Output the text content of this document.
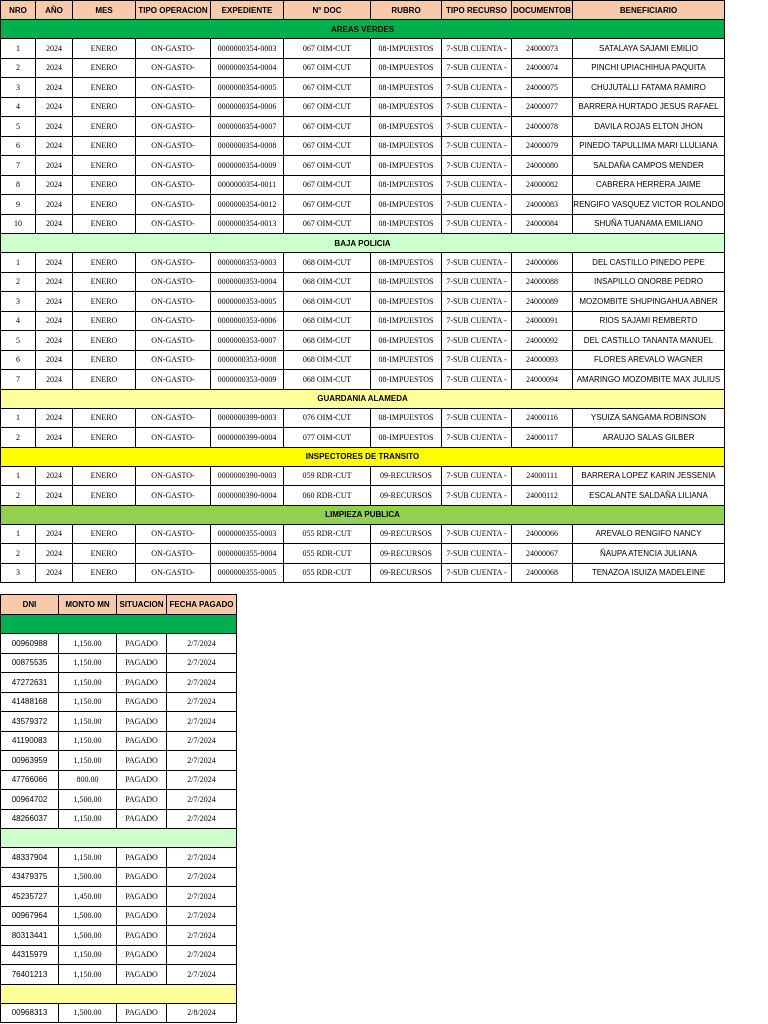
NRO	AÑO	MES	TIPO OPERACION	EXPEDIENTE	N° DOC	RUBRO	TIPO RECURSO	DOCUMENTOB	BENEFICIARIO
AREAS VERDES									
1	2024	ENERO	ON-GASTO-	0000000354-0003	067 OIM-CUT	08-IMPUESTOS	7-SUB CUENTA -	24000073	SATALAYA SAJAMI EMILIO
2	2024	ENERO	ON-GASTO-	0000000354-0004	067 OIM-CUT	08-IMPUESTOS	7-SUB CUENTA -	24000074	PINCHI UPIACHIHUA PAQUITA
3	2024	ENERO	ON-GASTO-	0000000354-0005	067 OIM-CUT	08-IMPUESTOS	7-SUB CUENTA -	24000075	CHUJUTALLI FATAMA RAMIRO
4	2024	ENERO	ON-GASTO-	0000000354-0006	067 OIM-CUT	08-IMPUESTOS	7-SUB CUENTA -	24000077	BARRERA HURTADO JESUS RAFAEL
5	2024	ENERO	ON-GASTO-	0000000354-0007	067 OIM-CUT	08-IMPUESTOS	7-SUB CUENTA -	24000078	DAVILA ROJAS ELTON JHON
6	2024	ENERO	ON-GASTO-	0000000354-0008	067 OIM-CUT	08-IMPUESTOS	7-SUB CUENTA -	24000079	PINEDO TAPULLIMA MARI LLULIANA
7	2024	ENERO	ON-GASTO-	0000000354-0009	067 OIM-CUT	08-IMPUESTOS	7-SUB CUENTA -	24000080	SALDAÑA CAMPOS MENDER
8	2024	ENERO	ON-GASTO-	0000000354-0011	067 OIM-CUT	08-IMPUESTOS	7-SUB CUENTA -	24000082	CABRERA HERRERA JAIME
9	2024	ENERO	ON-GASTO-	0000000354-0012	067 OIM-CUT	08-IMPUESTOS	7-SUB CUENTA -	24000083	RENGIFO VASQUEZ VICTOR ROLANDO
10	2024	ENERO	ON-GASTO-	0000000354-0013	067 OIM-CUT	08-IMPUESTOS	7-SUB CUENTA -	24000084	SHUÑA TUANAMA EMILIANO
BAJA POLICIA									
1	2024	ENERO	ON-GASTO-	0000000353-0003	068 OIM-CUT	08-IMPUESTOS	7-SUB CUENTA -	24000086	DEL CASTILLO PINEDO PEPE
2	2024	ENERO	ON-GASTO-	0000000353-0004	068 OIM-CUT	08-IMPUESTOS	7-SUB CUENTA -	24000088	INSAPILLO ONORBE PEDRO
3	2024	ENERO	ON-GASTO-	0000000353-0005	068 OIM-CUT	08-IMPUESTOS	7-SUB CUENTA -	24000089	MOZOMBITE SHUPINGAHUA ABNER
4	2024	ENERO	ON-GASTO-	0000000353-0006	068 OIM-CUT	08-IMPUESTOS	7-SUB CUENTA -	24000091	RIOS SAJAMI REMBERTO
5	2024	ENERO	ON-GASTO-	0000000353-0007	068 OIM-CUT	08-IMPUESTOS	7-SUB CUENTA -	24000092	DEL CASTILLO TANANTA MANUEL
6	2024	ENERO	ON-GASTO-	0000000353-0008	068 OIM-CUT	08-IMPUESTOS	7-SUB CUENTA -	24000093	FLORES AREVALO WAGNER
7	2024	ENERO	ON-GASTO-	0000000353-0009	068 OIM-CUT	08-IMPUESTOS	7-SUB CUENTA -	24000094	AMARINGO MOZOMBITE MAX JULIUS
GUARDANIA ALAMEDA									
1	2024	ENERO	ON-GASTO-	0000000399-0003	076 OIM-CUT	08-IMPUESTOS	7-SUB CUENTA -	24000116	YSUIZA SANGAMA ROBINSON
2	2024	ENERO	ON-GASTO-	0000000399-0004	077 OIM-CUT	08-IMPUESTOS	7-SUB CUENTA -	24000117	ARAUJO SALAS GILBER
INSPECTORES DE TRANSITO									
1	2024	ENERO	ON-GASTO-	0000000390-0003	059 RDR-CUT	09-RECURSOS	7-SUB CUENTA -	24000111	BARRERA LOPEZ KARIN JESSENIA
2	2024	ENERO	ON-GASTO-	0000000390-0004	060 RDR-CUT	09-RECURSOS	7-SUB CUENTA -	24000112	ESCALANTE SALDAÑA LILIANA
LIMPIEZA PUBLICA									
1	2024	ENERO	ON-GASTO-	0000000355-0003	055 RDR-CUT	09-RECURSOS	7-SUB CUENTA -	24000066	AREVALO RENGIFO NANCY
2	2024	ENERO	ON-GASTO-	0000000355-0004	055 RDR-CUT	09-RECURSOS	7-SUB CUENTA -	24000067	ÑAUPA ATENCIA JULIANA
3	2024	ENERO	ON-GASTO-	0000000355-0005	055 RDR-CUT	09-RECURSOS	7-SUB CUENTA -	24000068	TENAZOA ISUIZA MADELEINE
DNI	MONTO MN	SITUACION	FECHA PAGADO

00960988	1,150.00	PAGADO	2/7/2024
00875535	1,150.00	PAGADO	2/7/2024
47272631	1,150.00	PAGADO	2/7/2024
41488168	1,150.00	PAGADO	2/7/2024
43579372	1,150.00	PAGADO	2/7/2024
41190083	1,150.00	PAGADO	2/7/2024
00963959	1,150.00	PAGADO	2/7/2024
47766066	800.00	PAGADO	2/7/2024
00964702	1,500.00	PAGADO	2/7/2024
48266037	1,150.00	PAGADO	2/7/2024

48337904	1,150.00	PAGADO	2/7/2024
43479375	1,500.00	PAGADO	2/7/2024
45235727	1,450.00	PAGADO	2/7/2024
00967964	1,500.00	PAGADO	2/7/2024
80313441	1,500.00	PAGADO	2/7/2024
44315979	1,150.00	PAGADO	2/7/2024
76401213	1,150.00	PAGADO	2/7/2024

00968313	1,500.00	PAGADO	2/8/2024
